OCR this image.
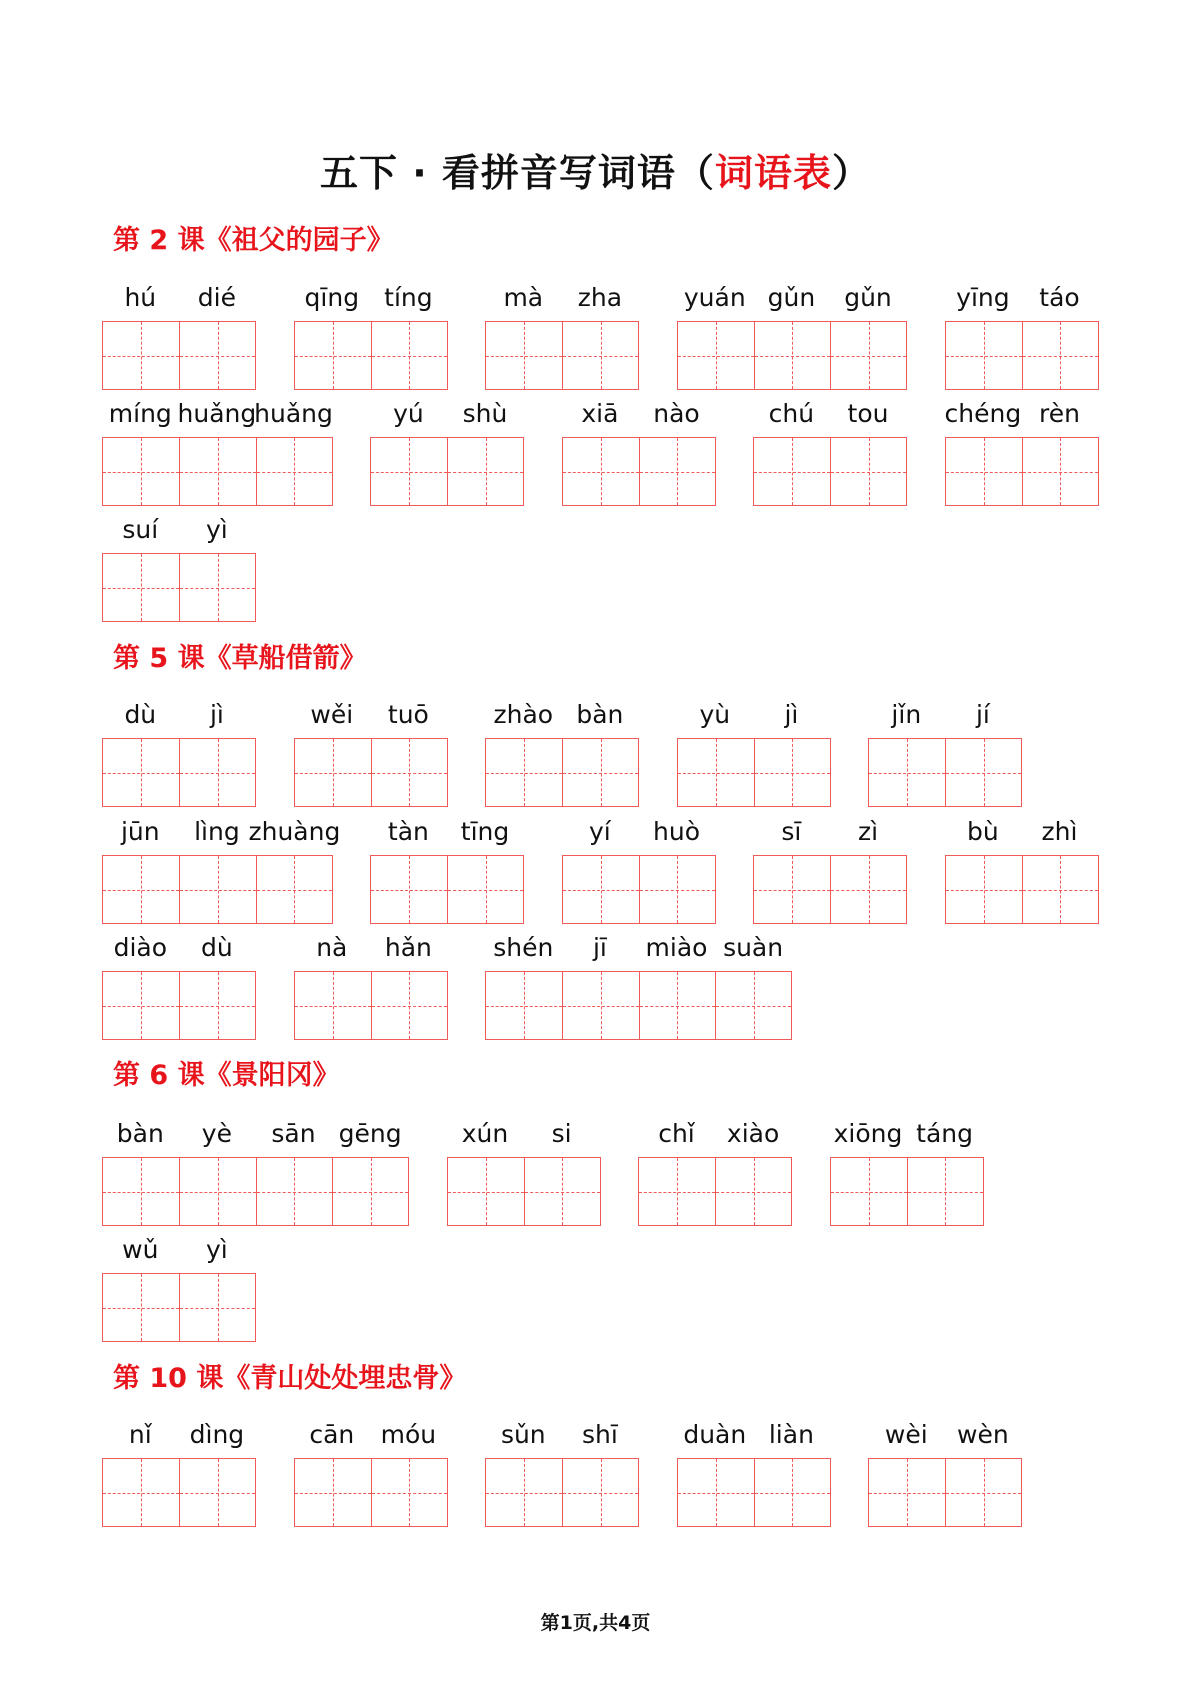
五下 · 看拼音写词语（词语表）
第 2 课《祖父的园子》
hú	dié	qīng	tíng	mà	zha	yuán gǔn	gǔn	yīng	táo
míng huǎng
huǎng	yú	shù	xiā	nào	chú	tou	chéng rèn
suí	yì
第 5 课《草船借箭》
dù	jì	wěi	tuō	zhào bàn	yù	jì	jǐn	jí
jūn	lìng zhuàng	tàn	tīng	yí	huò	sī	zì	bù	zhì
diào	dù	nà	hǎn	shén	jī	miào suàn
第 6 课《景阳冈》
bàn	yè	sān gēng	xún	si	chǐ	xiào	xiōng táng
wǔ	yì
第 10 课《青山处处埋忠骨》
nǐ	dìng	cān	móu	sǔn	shī	duàn liàn	wèi	wèn
第1页,共4页
